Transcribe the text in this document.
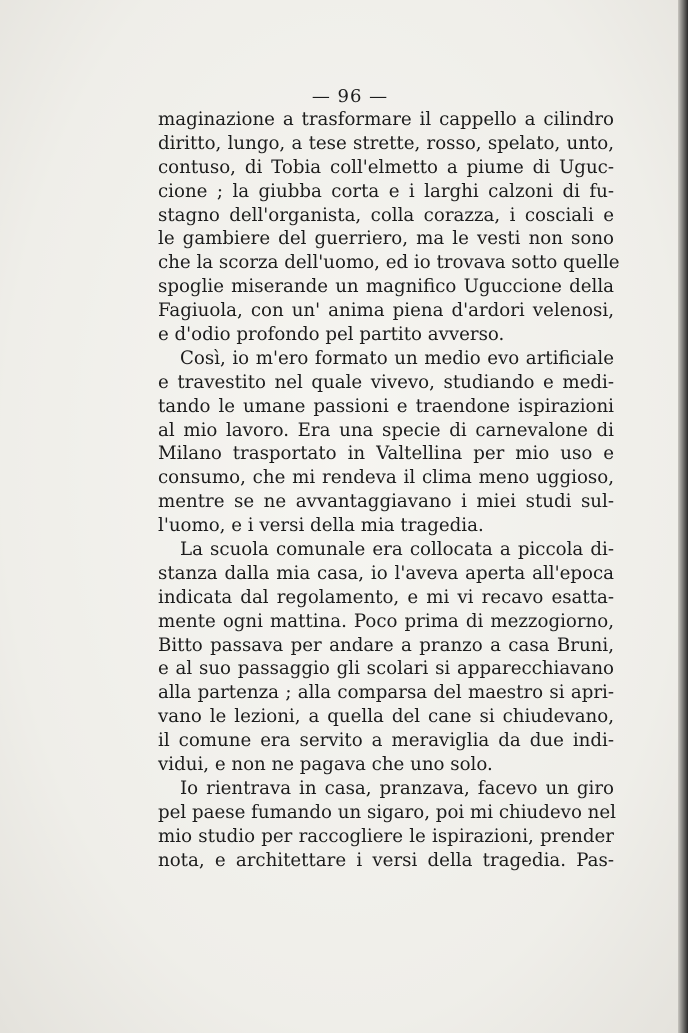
— 96 —
maginazione a trasformare il cappello a cilindro
diritto, lungo, a tese strette, rosso, spelato, unto,
contuso, di Tobia coll'elmetto a piume di Uguc-
cione ; la giubba corta e i larghi calzoni di fu-
stagno dell'organista, colla corazza, i cosciali e
le gambiere del guerriero, ma le vesti non sono
che la scorza dell'uomo, ed io trovava sotto quelle
spoglie miserande un magnifico Uguccione della
Fagiuola, con un' anima piena d'ardori velenosi,
e d'odio profondo pel partito avverso.
Così, io m'ero formato un medio evo artificiale
e travestito nel quale vivevo, studiando e medi-
tando le umane passioni e traendone ispirazioni
al mio lavoro. Era una specie di carnevalone di
Milano trasportato in Valtellina per mio uso e
consumo, che mi rendeva il clima meno uggioso,
mentre se ne avvantaggiavano i miei studi sul-
l'uomo, e i versi della mia tragedia.
La scuola comunale era collocata a piccola di-
stanza dalla mia casa, io l'aveva aperta all'epoca
indicata dal regolamento, e mi vi recavo esatta-
mente ogni mattina. Poco prima di mezzogiorno,
Bitto passava per andare a pranzo a casa Bruni,
e al suo passaggio gli scolari si apparecchiavano
alla partenza ; alla comparsa del maestro si apri-
vano le lezioni, a quella del cane si chiudevano,
il comune era servito a meraviglia da due indi-
vidui, e non ne pagava che uno solo.
Io rientrava in casa, pranzava, facevo un giro
pel paese fumando un sigaro, poi mi chiudevo nel
mio studio per raccogliere le ispirazioni, prender
nota, e architettare i versi della tragedia. Pas-
